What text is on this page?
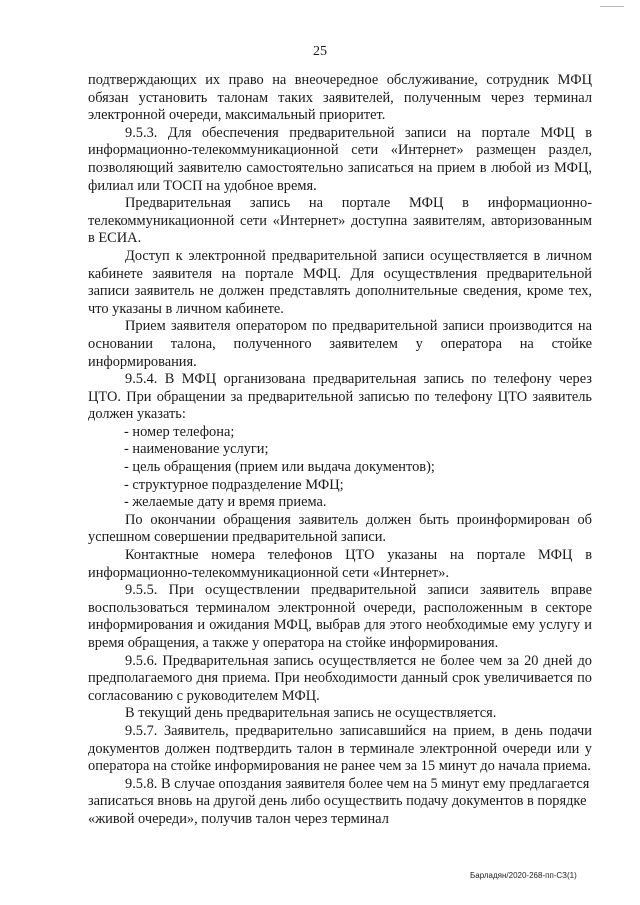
25

подтверждающих их право на внеочередное обслуживание, сотрудник МФЦ обязан установить талонам таких заявителей, полученным через терминал электронной очереди, максимальный приоритет.

9.5.3. Для обеспечения предварительной записи на портале МФЦ в информационно-телекоммуникационной сети «Интернет» размещен раздел, позволяющий заявителю самостоятельно записаться на прием в любой из МФЦ, филиал или ТОСП на удобное время.

Предварительная запись на портале МФЦ в информационно-телекоммуникационной сети «Интернет» доступна заявителям, авторизованным в ЕСИА.

Доступ к электронной предварительной записи осуществляется в личном кабинете заявителя на портале МФЦ. Для осуществления предварительной записи заявитель не должен представлять дополнительные сведения, кроме тех, что указаны в личном кабинете.

Прием заявителя оператором по предварительной записи производится на основании талона, полученного заявителем у оператора на стойке информирования.

9.5.4. В МФЦ организована предварительная запись по телефону через ЦТО. При обращении за предварительной записью по телефону ЦТО заявитель должен указать:

- номер телефона;

- наименование услуги;

- цель обращения (прием или выдача документов);

- структурное подразделение МФЦ;

- желаемые дату и время приема.

По окончании обращения заявитель должен быть проинформирован об успешном совершении предварительной записи.

Контактные номера телефонов ЦТО указаны на портале МФЦ в информационно-телекоммуникационной сети «Интернет».

9.5.5. При осуществлении предварительной записи заявитель вправе воспользоваться терминалом электронной очереди, расположенным в секторе информирования и ожидания МФЦ, выбрав для этого необходимые ему услугу и время обращения, а также у оператора на стойке информирования.

9.5.6. Предварительная запись осуществляется не более чем за 20 дней до предполагаемого дня приема. При необходимости данный срок увеличивается по согласованию с руководителем МФЦ.

В текущий день предварительная запись не осуществляется.

9.5.7. Заявитель, предварительно записавшийся на прием, в день подачи документов должен подтвердить талон в терминале электронной очереди или у оператора на стойке информирования не ранее чем за 15 минут до начала приема.

9.5.8. В случае опоздания заявителя более чем на 5 минут ему предлагается записаться вновь на другой день либо осуществить подачу документов в порядке «живой очереди», получив талон через терминал

Барладян/2020-268-пп-СЗ(1)
